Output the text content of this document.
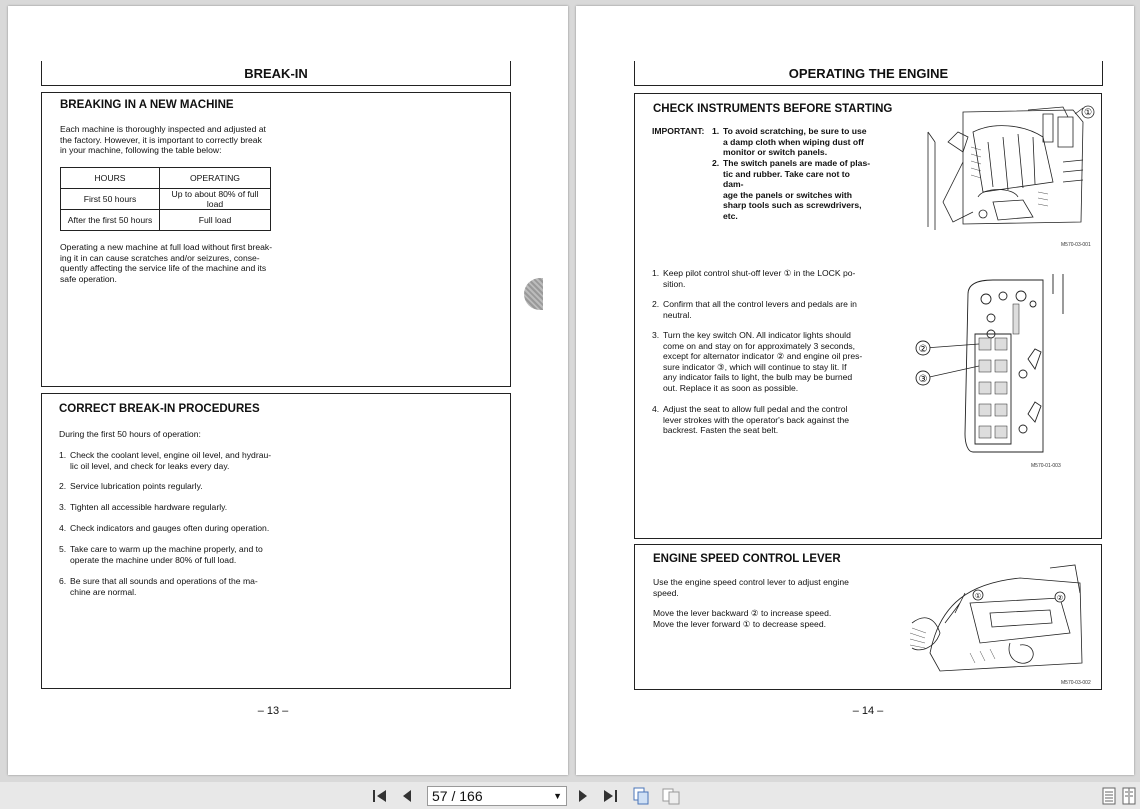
BREAK-IN
BREAKING IN A NEW MACHINE
Each machine is thoroughly inspected and adjusted at
the factory. However, it is important to correctly break
in your machine, following the table below:
HOURS	OPERATING
First 50 hours	Up to about 80% of full load
After the first 50 hours	Full load
Operating a new machine at full load without first break-
ing it in can cause scratches and/or seizures, conse-
quently affecting the service life of the machine and its
safe operation.
CORRECT BREAK-IN PROCEDURES
During the first 50 hours of operation:
1. Check the coolant level, engine oil level, and hydrau-
lic oil level, and check for leaks every day.
2. Service lubrication points regularly.
3. Tighten all accessible hardware regularly.
4. Check indicators and gauges often during operation.
5. Take care to warm up the machine properly, and to
operate the machine under 80% of full load.
6. Be sure that all sounds and operations of the ma-
chine are normal.
– 13 –
OPERATING THE ENGINE
CHECK INSTRUMENTS BEFORE STARTING
IMPORTANT: 1. To avoid scratching, be sure to use
a damp cloth when wiping dust off
monitor or switch panels.
2. The switch panels are made of plas-
tic and rubber. Take care not to dam-
age the panels or switches with
sharp tools such as screwdrivers,
etc.
①
M570-03-001
1. Keep pilot control shut-off lever ① in the LOCK po-
sition.
2. Confirm that all the control levers and pedals are in
neutral.
3. Turn the key switch ON. All indicator lights should
come on and stay on for approximately 3 seconds,
except for alternator indicator ② and engine oil pres-
sure indicator ③, which will continue to stay lit. If
any indicator fails to light, the bulb may be burned
out. Replace it as soon as possible.
4. Adjust the seat to allow full pedal and the control
lever strokes with the operator's back against the
backrest. Fasten the seat belt.
②
③
M570-01-003
ENGINE SPEED CONTROL LEVER
Use the engine speed control lever to adjust engine
speed.
Move the lever backward ② to increase speed.
Move the lever forward ① to decrease speed.
①	②
M570-03-002
– 14 –
57 / 166	▼
